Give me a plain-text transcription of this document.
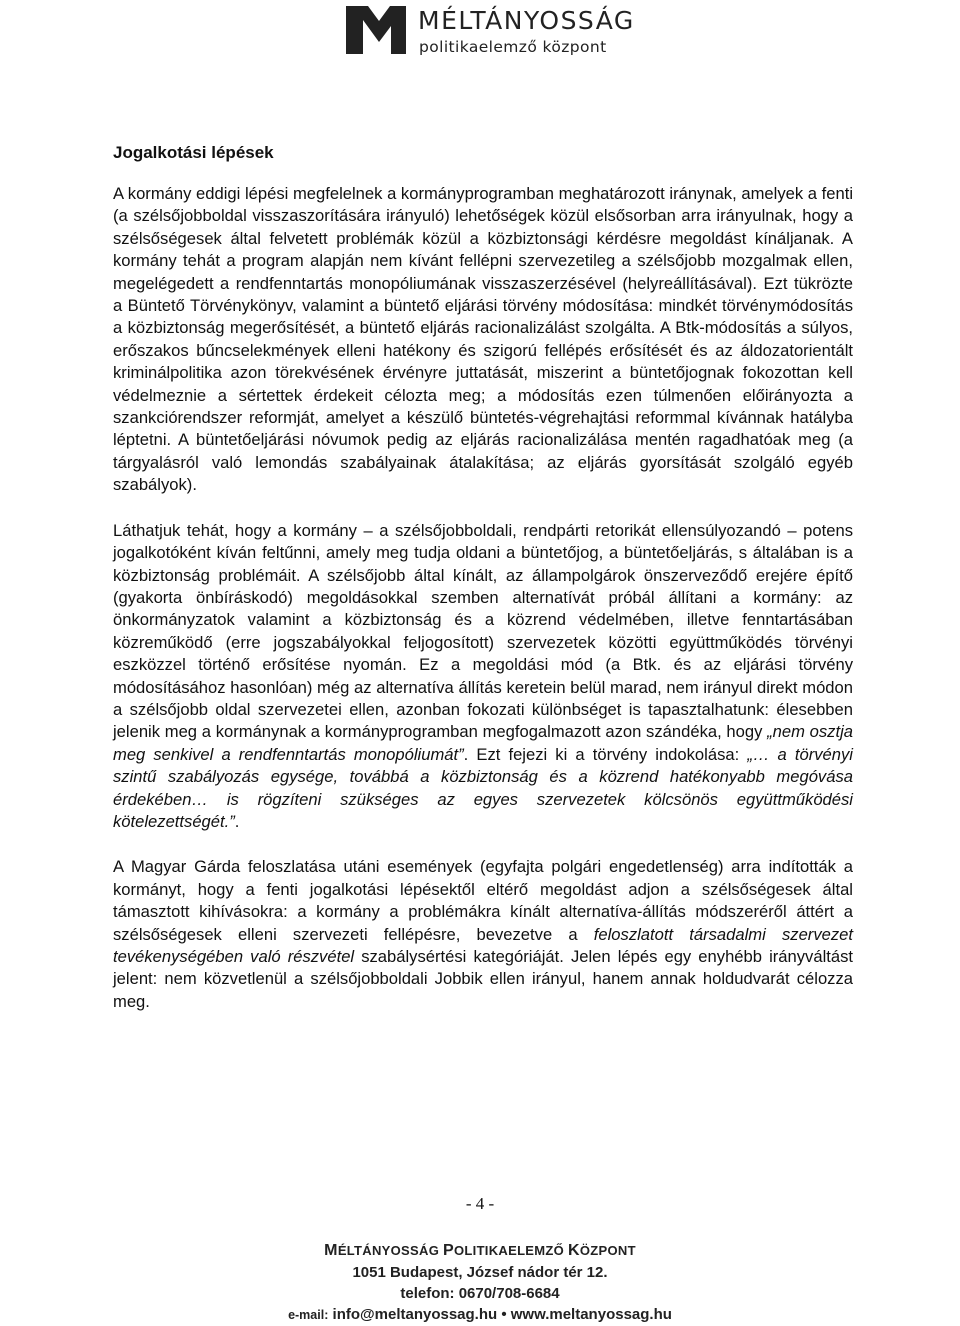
MÉLTÁNYOSSÁG
politikaelemző központ
Jogalkotási lépések

A kormány eddigi lépési megfelelnek a kormányprogramban meghatározott iránynak, amelyek a fenti (a szélsőjobboldal visszaszorítására irányuló) lehetőségek közül elsősorban arra irányulnak, hogy a szélsőségesek által felvetett problémák közül a közbiztonsági kérdésre megoldást kínáljanak. A kormány tehát a program alapján nem kívánt fellépni szervezetileg a szélsőjobb mozgalmak ellen, megelégedett a rendfenntartás monopóliumának visszaszerzésével (helyreállításával). Ezt tükrözte a Büntető Törvénykönyv, valamint a büntető eljárási törvény módosítása: mindkét törvénymódosítás a közbiztonság megerősítését, a büntető eljárás racionalizálást szolgálta. A Btk-módosítás a súlyos, erőszakos bűncselekmények elleni hatékony és szigorú fellépés erősítését és az áldozatorientált kriminálpolitika azon törekvésének érvényre juttatását, miszerint a büntetőjognak fokozottan kell védelmeznie a sértettek érdekeit célozta meg; a módosítás ezen túlmenően előirányozta a szankciórendszer reformját, amelyet a készülő büntetés-végrehajtási reformmal kívánnak hatályba léptetni. A büntetőeljárási nóvumok pedig az eljárás racionalizálása mentén ragadhatóak meg (a tárgyalásról való lemondás szabályainak átalakítása; az eljárás gyorsítását szolgáló egyéb szabályok).

Láthatjuk tehát, hogy a kormány – a szélsőjobboldali, rendpárti retorikát ellensúlyozandó – potens jogalkotóként kíván feltűnni, amely meg tudja oldani a büntetőjog, a büntetőeljárás, s általában is a közbiztonság problémáit. A szélsőjobb által kínált, az állampolgárok önszerveződő erejére építő (gyakorta önbíráskodó) megoldásokkal szemben alternatívát próbál állítani a kormány: az önkormányzatok valamint a közbiztonság és a közrend védelmében, illetve fenntartásában közreműködő (erre jogszabályokkal feljogosított) szervezetek közötti együttműködés törvényi eszközzel történő erősítése nyomán. Ez a megoldási mód (a Btk. és az eljárási törvény módosításához hasonlóan) még az alternatíva állítás keretein belül marad, nem irányul direkt módon a szélsőjobb oldal szervezetei ellen, azonban fokozati különbséget is tapasztalhatunk: élesebben jelenik meg a kormánynak a kormányprogramban megfogalmazott azon szándéka, hogy „nem osztja meg senkivel a rendfenntartás monopóliumát”. Ezt fejezi ki a törvény indokolása: „… a törvényi szintű szabályozás egysége, továbbá a közbiztonság és a közrend hatékonyabb megóvása érdekében… is rögzíteni szükséges az egyes szervezetek kölcsönös együttműködési kötelezettségét.”.

A Magyar Gárda feloszlatása utáni események (egyfajta polgári engedetlenség) arra indították a kormányt, hogy a fenti jogalkotási lépésektől eltérő megoldást adjon a szélsőségesek által támasztott kihívásokra: a kormány a problémákra kínált alternatíva-állítás módszeréről áttért a szélsőségesek elleni szervezeti fellépésre, bevezetve a feloszlatott társadalmi szervezet tevékenységében való részvétel szabálysértési kategóriáját. Jelen lépés egy enyhébb irányváltást jelent: nem közvetlenül a szélsőjobboldali Jobbik ellen irányul, hanem annak holdudvarát célozza meg.

- 4 -
MÉLTÁNYOSSÁG POLITIKAELEMZŐ KÖZPONT
1051 Budapest, József nádor tér 12.
telefon: 0670/708-6684
e-mail: info@meltanyossag.hu • www.meltanyossag.hu
